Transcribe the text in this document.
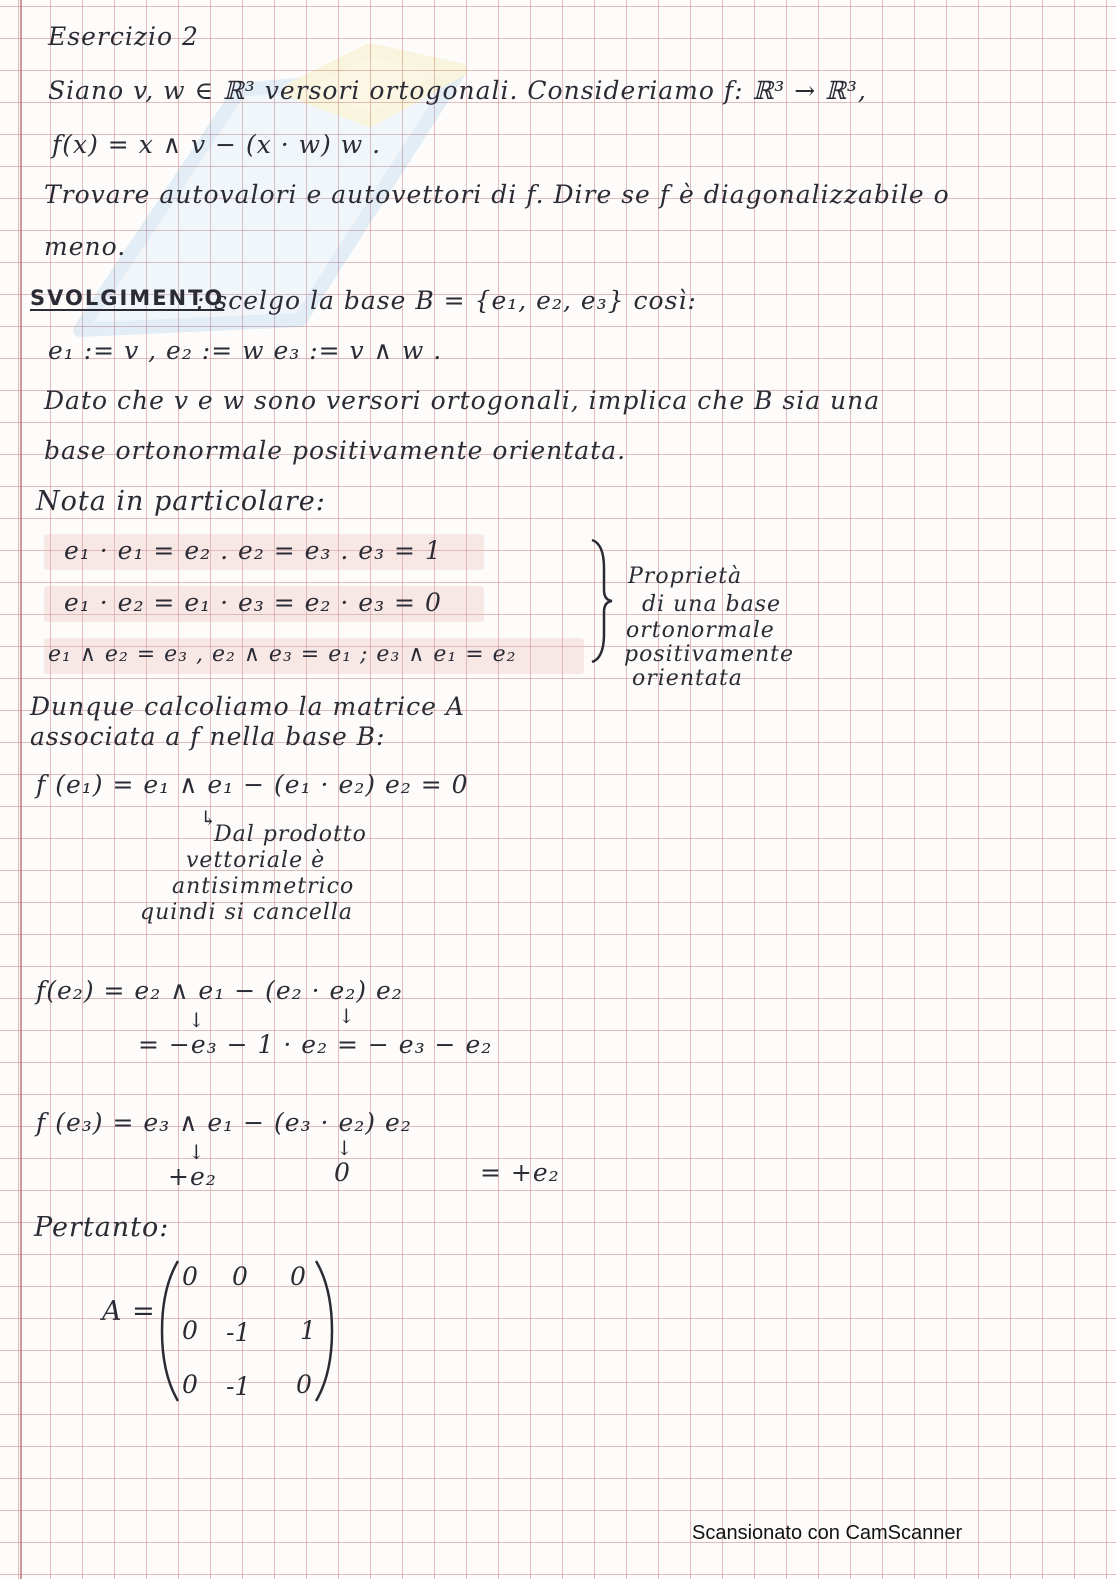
Esercizio 2
Siano v, w ∈ ℝ³ versori ortogonali. Consideriamo f: ℝ³ → ℝ³,
f(x) = x ∧ v − (x · w) w .
Trovare autovalori e autovettori di f. Dire se f è diagonalizzabile o
meno.
SVOLGIMENTO
: scelgo la base B = {e₁, e₂, e₃} così:
e₁ := v , e₂ := w e₃ := v ∧ w .
Dato che v e w sono versori ortogonali, implica che B sia una
base ortonormale positivamente orientata.
Nota in particolare:
e₁ · e₁ = e₂ . e₂ = e₃ . e₃ = 1
e₁ · e₂ = e₁ · e₃ = e₂ · e₃ = 0
e₁ ∧ e₂ = e₃ , e₂ ∧ e₃ = e₁ ; e₃ ∧ e₁ = e₂
Proprietà
di una base
ortonormale
positivamente
orientata
Dunque calcoliamo la matrice A
associata a f nella base B:
f (e₁) = e₁ ∧ e₁ − (e₁ · e₂) e₂ = 0
↳
Dal prodotto
vettoriale è
antisimmetrico
quindi si cancella
f(e₂) = e₂ ∧ e₁ − (e₂ · e₂) e₂
↓	↓
= −e₃ − 1 · e₂ = − e₃ − e₂
f (e₃) = e₃ ∧ e₁ − (e₃ · e₂) e₂
↓	↓
+e₂	0	= +e₂
Pertanto:
A =
0 0 0
0 -1 1
0 -1 0
Scansionato con CamScanner
